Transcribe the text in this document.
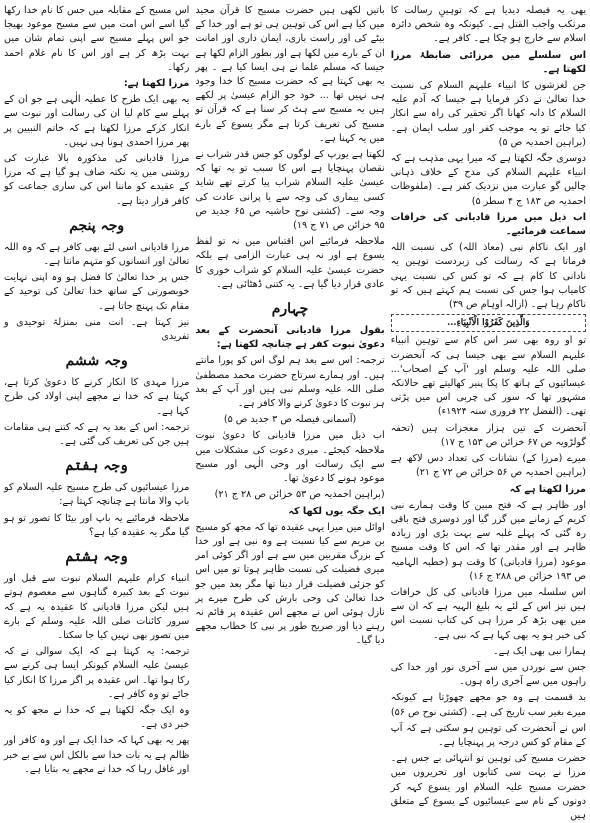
بھی یہ فیصلہ دیدیا ہے کہ توہینِ رسالت کا مرتکب واجب القتل ہے۔ کیونکہ وہ شخص دائرہ اسلام سے خارج ہو چکا ہے۔ کافر ہے۔

اس سلسلے میں مرزائی ضابطۂ مرزا لکھتا ہے۔

جن لغزشوں کا انبیاء علیہم السلام کی نسبت خدا تعالیٰ نے ذکر فرمایا ہے جیسا کہ آدم علیہ السلام کا دانہ کھانا اگر تحقیر کی راہ سے انکار کیا جائے تو یہ موجب کفر اور سلب ایمان ہے۔ (براہین احمدیہ ص ۵)

دوسری جگہ لکھتا ہے کہ میرا یہی مذہب ہے کہ انبیاء علیہم السلام کی مدح کے خلاف ذہانی چالیں گو عبارت میں نزدیک کفر ہے۔ (ملفوظات احمدیہ ص ۱۸۳ ج ۴ سطر ۵)

اب ذیل میں مرزا قادیانی کی خرافات سماعت فرمائیے۔

اور ایک ناکام نبی (معاذ اللہ) کی نسبت اللہ فرماتا ہے کہ رسالت کی زبردست توہین یہ نادانی کا کام ہے کہ تو کس کی نسبت یہی کامیاب ہوا جس کی نسبت ہم کہتے ہیں کہ تو ناکام رہا ہے۔ (ازالہ اوہام ص ۳۹)

وَالَّذِینَ کَفَرُوْا الْاَنْبِیَاءِ...

تو او روہ بھی سر اس کام سے توہین انبیاء علیہم السلام سے بھی جیسا ہی کہ آنحضرت صلی اللہ علیہ وسلم اور 'آپ کے اصحاب'... عیسائیوں کے ہاتھ کا پکا پنیر کھالیتے تھے حالانکہ مشہور تھا کہ سور کی چربی اس میں پڑتی تھی۔ (الفضل ۲۲ فروری سنہ ۱۹۲۴ء)

آنحضرت کے تین ہزار معجزات ہیں (تحفہ گولڑویہ ص ۶۷ خزائن ص ۱۵۳ ج ۱۷)

میرے (مرزا کے) نشانات کی تعداد دس لاکھ ہے (براہین احمدیہ ص ۵۶ خزائن ص ۷۲ ج ۲۱)

مرزا لکھتا ہے کہ

اور ظاہر ہے کہ فتح مبین کا وقت ہمارے نبی کریم کے زمانے میں گزر گیا اور دوسری فتح باقی رہ گئی کہ پہلے غلبہ سے بہت بڑی اور زیادہ ظاہر ہے اور مقدر تھا کہ اس کا وقت مسیح موعود (مرزا قادیانی) کا وقت ہو (خطبہ الہامیہ ص ۱۹۳ خزائن ص ۲۸۸ ج ۱۶)

اس سلسلہ میں مرزا قادیانی کی کل خرافات ہیں نیز اس کے لئے یہ بلیغ الہیہ ہے کہ ان سے میں بھی بڑھ کر مرزا ہی کی کتاب نسبت اس کی خبر ہو یہ بھی کہا ہے کہ نبی ہے۔

ہمارا نبی بھی ایک ہے۔

جس سے نوردں میں سے آخری نور اور خدا کی راہوں میں سے آخری راہ ہوں۔

بد قسمت ہے وہ جو مجھے چھوڑتا ہے کیونکہ میرے بغیر سب تاریخ کی ہے۔ (کشتی نوح ص ۵۶)

اس نے آنحضرت کی توہین ہو سکتی ہے کہ آپ کے مقام کو کس درجہ پر پہنچایا ہے۔

حضرت مسیح کی توہین تو انتہائی بے جس ہے۔ مرزا نے بہت سی کتابوں اور تحریروں میں حضرت مسیح علیہ السلام اور یسوع کہہ کر دونوں کے نام سے عیسائیوں کے یسوع کے متعلق ہیں

باتیں لکھی ہیں حضرت مسیح کا قرآن مجید میں کیا ہے اس کی توہین ہی تو ہے اور خدا کے بیٹے کی اور راست بازی، ایمان داری اور امانت ان کے بارے میں لکھا ہے اور بطور الزام لکھا ہے جیسا کہ مسلم علما نے ہی ایسا کیا ہے ۔ پھر یہ بھی کہتا ہے کہ حضرت مسیح کا خدا وجود ہی نہیں تھا ... خود جو الزام عیسیٰ پر لکھے ہیں یہ مسیح سے ہٹ کر سنا ہے کہ قرآن تو مسیح کی تعریف کرتا ہے مگر یسوع کے بارے میں یہ کہنا ہے۔

لکھتا ہے یورپ کے لوگوں کو جس قدر شراب نے نقصان پہنچایا ہے اس کا سبب تو یہ تھا کہ عیسیٰ علیہ السلام شراب پیا کرتے تھے شاید کسی بیماری کی وجہ سے یا پرانی عادت کی وجہ سے۔ (کشتی نوح حاشیہ ص ۶۵ جدید ص ۹۵ خزائن ص ۷۱ ج ۱۹)

ملاحظہ فرمائیے اس اقتباس میں نہ تو لفظ یسوع ہے اور نہ ہی عبارت الزامی ہے بلکہ حضرت عیسیٰ علیہ السلام کو شراب خوری کا عادی قرار دیا گیا ہے۔ یہ کتنی ڈھٹائی ہے۔

چہارم

بقول مرزا قادیانی آنحضرت کے بعد دعویٰ نبوت کفر ہے چنانچہ لکھتا ہے:

ترجمہ: اس سے بعد ہم لوگ اس کو پورا مانتے ہیں۔ اور ہمارے سرتاج حضرت محمد مصطفیٰ صلی اللہ علیہ وسلم نبی ہیں اور آپ کے بعد ہر نبوت کا دعویٰ کرنے والا کافر ہے۔

(آسمانی فیصلہ ص ۳ جدید ص ۵)

اب ذیل میں مرزا قادیانی کا دعویٰ نبوت ملاحظہ کیجئے۔ میری دعوت کی مشکلات میں سے ایک رسالت اور وحی الٰہی اور مسیح موعود ہونے کا دعویٰ تھا۔

(براہین احمدیہ ص ۵۳ خزائن ص ۲۸ ج ۲۱)

ایک جگہ یوں لکھا کہ

اوائل میں میرا یہی عقیدہ تھا کہ مجھ کو مسیح بن مریم سے کیا نسبت ہے وہ نبی ہے اور خدا کے بزرگ مقربین میں سے ہے اور اگر کوئی امر میری فضیلت کی نسبت ظاہر ہوتا تو میں اس کو جزئی فضیلت قرار دیتا تھا مگر بعد میں جو خدا تعالیٰ کی وحی بارش کی طرح میرے پر نازل ہوئی اس نے مجھے اس عقیدہ پر قائم نہ رہنے دیا اور صریح طور پر نبی کا خطاب مجھے دیا گیا۔

اس مسیح کے مقابلہ میں جس کا نام خدا رکھا گیا اسے اس امت میں سے مسیح موعود بھیجا جو اس پہلے مسیح سے اپنی تمام شان میں بہت بڑھ کر ہے اور اس کا نام غلام احمد رکھا۔

مرزا لکھتا ہے:

یہ بھی ایک طرح کا عطیہ الٰہی ہے جو ان کے پہلے سے کام لیا ان کی رسالت اور نبوت سے انکار کرکے مرزا لکھتا ہے کہ خاتم النبیین پر پھر مرزا احمدی ہونا ہی نہیں۔

مرزا قادیانی کی مذکورہ بالا عبارت کی روشنی میں یہ نکتہ صاف ہو گیا ہے کہ مرزا کے عقیدے کو ماننا اس کی ساری جماعت کو کافر قرار دیتا ہے۔

وجہ پنجم

مرزا قادیانی اسی لئے بھی کافر ہے کہ وہ اللہ تعالیٰ اور انسانوں کو متہم مانتا ہے۔

جس پر خدا تعالیٰ کا فضل ہو وہ اپنی نہایت خوبصورتی کے ساتھ خدا تعالیٰ کی توحید کے مقام تک پہنچ جاتا ہے۔

نیز کہتا ہے۔ انت منی بمنزلۃ توحیدی و تفریدی

وجہ ششم

مرزا مہدی کا انکار کرنے کا دعویٰ کرتا ہے، کہتا ہے کہ خدا نے مجھے اپنی اولاد کی طرح کہا ہے۔

ترجمہ: اس کے بعد یہ ہے کہ کتنے ہی مقامات ہیں جن کی تعریف کی گئی ہے۔

وجہ ہفتم

مرزا عیسائیوں کی طرح مسیح علیہ السلام کو باپ والا مانتا ہے چنانچہ کہتا ہے:

ملاحظہ فرمائیے یہ باپ اور بیٹا کا تصور تو ہو گیا مگر یہ عقیدہ کیا ہے؟

وجہ ہشتم

انبیاء کرام علیہم السلام نبوت سے قبل اور نبوت کے بعد کبیرہ گناہوں سے معصوم ہوتے ہیں لیکن مرزا قادیانی کا عقیدہ یہ ہے کہ سرور کائنات صلی اللہ علیہ وسلم کے بارے میں تصور بھی نہیں کیا جا سکتا۔

ترجمہ: یہ کہتا ہے کہ ایک سوالی نے کہ عیسیٰ علیہ السلام کیونکر ایسا ہی کرنے سے رکا ہوا تھا۔ اس عقیدہ پر اگر مرزا کا انکار کیا جائے تو وہ کافر ہے۔

وہ ایک جگہ لکھتا ہے کہ خدا نے مجھ کو یہ خبر دی ہے۔

پھر یہ بھی کہا کہ خدا ایک ہے اور وہ کافر اور ظالم ہے یہ بات خدا سے بالکل اس سے بے خبر اور غافل رہا کہ خدا نے مجھے یہ بتایا ہے۔
